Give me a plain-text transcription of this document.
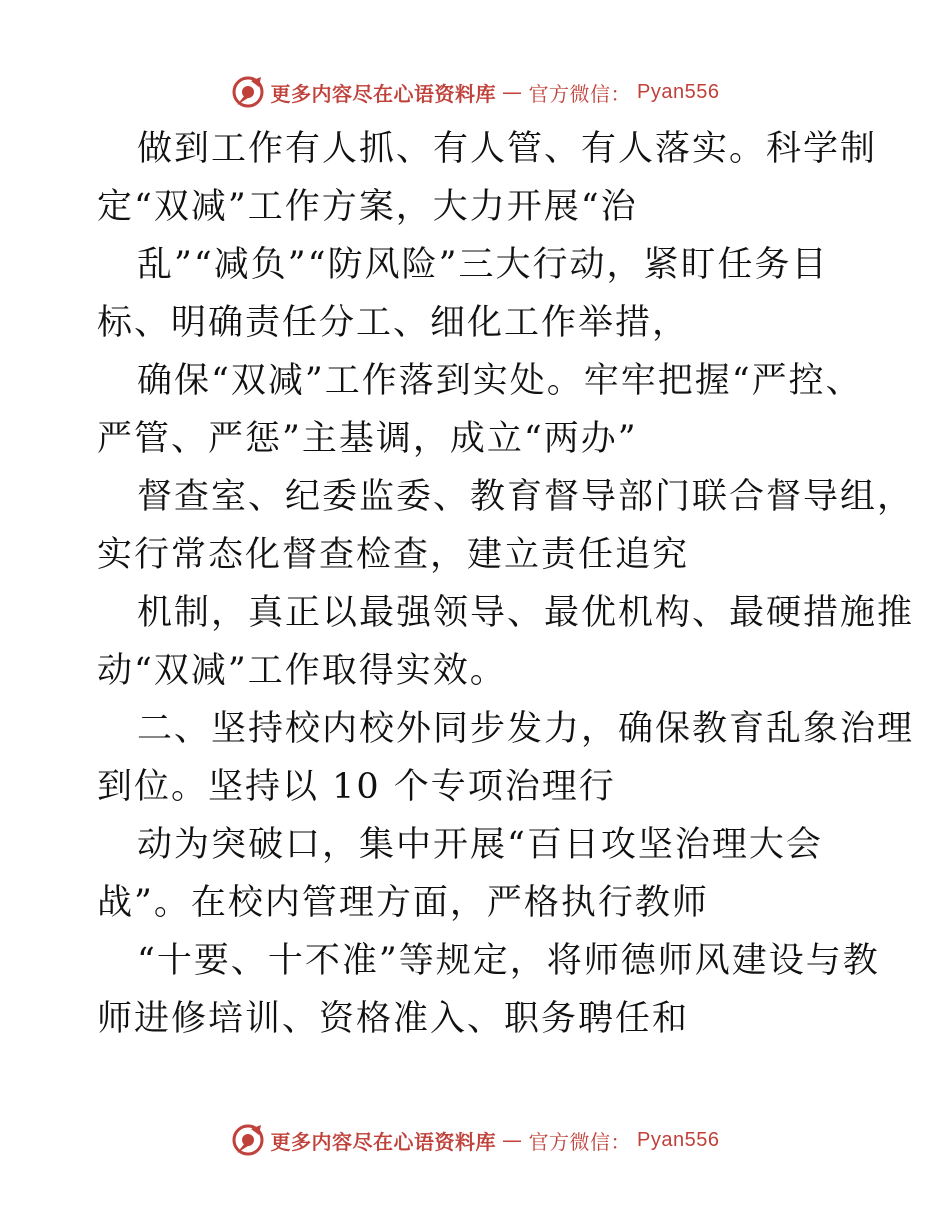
更多内容尽在心语资料库 — 官方微信： Pyan556
做到工作有人抓、有人管、有人落实。科学制
定“双减”工作方案，大力开展“治
乱”“减负”“防风险”三大行动，紧盯任务目
标、明确责任分工、细化工作举措，
确保“双减”工作落到实处。牢牢把握“严控、
严管、严惩”主基调，成立“两办”
督查室、纪委监委、教育督导部门联合督导组，
实行常态化督查检查，建立责任追究
机制，真正以最强领导、最优机构、最硬措施推
动“双减”工作取得实效。
二、坚持校内校外同步发力，确保教育乱象治理
到位。坚持以 10 个专项治理行
动为突破口，集中开展“百日攻坚治理大会
战”。在校内管理方面，严格执行教师
“十要、十不准”等规定，将师德师风建设与教
师进修培训、资格准入、职务聘任和
更多内容尽在心语资料库 — 官方微信： Pyan556
